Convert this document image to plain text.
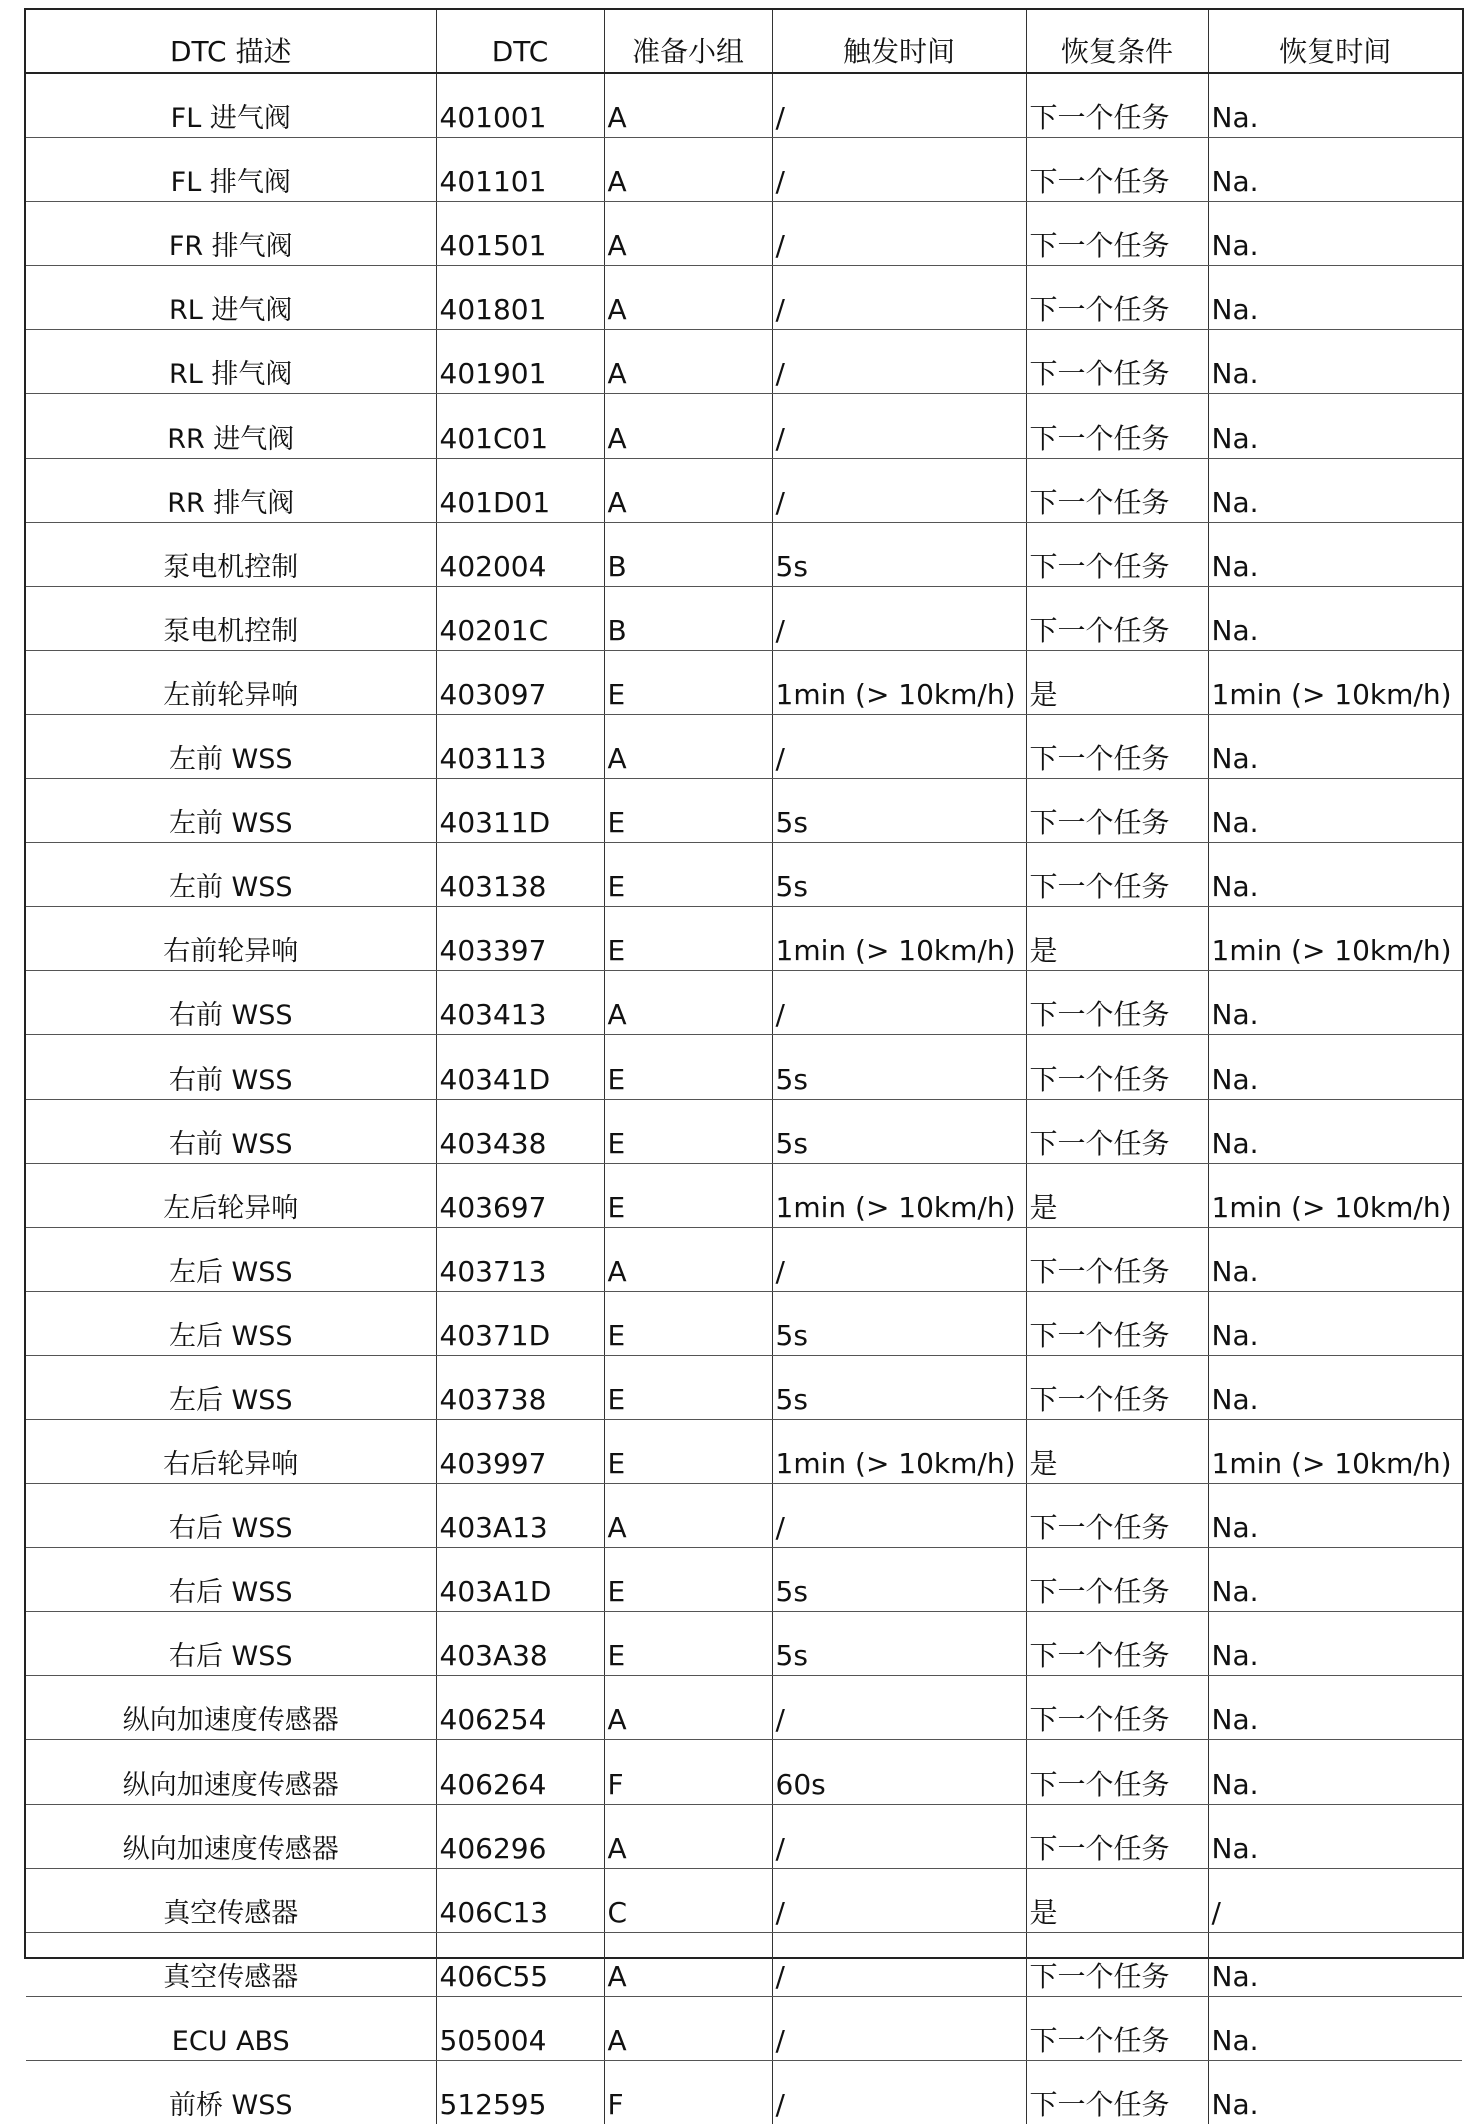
DTC 描述	DTC	准备小组	触发时间	恢复条件	恢复时间
FL 进气阀	401001	A	/	下一个任务	Na.
FL 排气阀	401101	A	/	下一个任务	Na.
FR 排气阀	401501	A	/	下一个任务	Na.
RL 进气阀	401801	A	/	下一个任务	Na.
RL 排气阀	401901	A	/	下一个任务	Na.
RR 进气阀	401C01	A	/	下一个任务	Na.
RR 排气阀	401D01	A	/	下一个任务	Na.
泵电机控制	402004	B	5s	下一个任务	Na.
泵电机控制	40201C	B	/	下一个任务	Na.
左前轮异响	403097	E	1min (> 10km/h)	是	1min (> 10km/h)
左前 WSS	403113	A	/	下一个任务	Na.
左前 WSS	40311D	E	5s	下一个任务	Na.
左前 WSS	403138	E	5s	下一个任务	Na.
右前轮异响	403397	E	1min (> 10km/h)	是	1min (> 10km/h)
右前 WSS	403413	A	/	下一个任务	Na.
右前 WSS	40341D	E	5s	下一个任务	Na.
右前 WSS	403438	E	5s	下一个任务	Na.
左后轮异响	403697	E	1min (> 10km/h)	是	1min (> 10km/h)
左后 WSS	403713	A	/	下一个任务	Na.
左后 WSS	40371D	E	5s	下一个任务	Na.
左后 WSS	403738	E	5s	下一个任务	Na.
右后轮异响	403997	E	1min (> 10km/h)	是	1min (> 10km/h)
右后 WSS	403A13	A	/	下一个任务	Na.
右后 WSS	403A1D	E	5s	下一个任务	Na.
右后 WSS	403A38	E	5s	下一个任务	Na.
纵向加速度传感器	406254	A	/	下一个任务	Na.
纵向加速度传感器	406264	F	60s	下一个任务	Na.
纵向加速度传感器	406296	A	/	下一个任务	Na.
真空传感器	406C13	C	/	是	/
真空传感器	406C55	A	/	下一个任务	Na.
ECU ABS	505004	A	/	下一个任务	Na.
前桥 WSS	512595	F	/	下一个任务	Na.
